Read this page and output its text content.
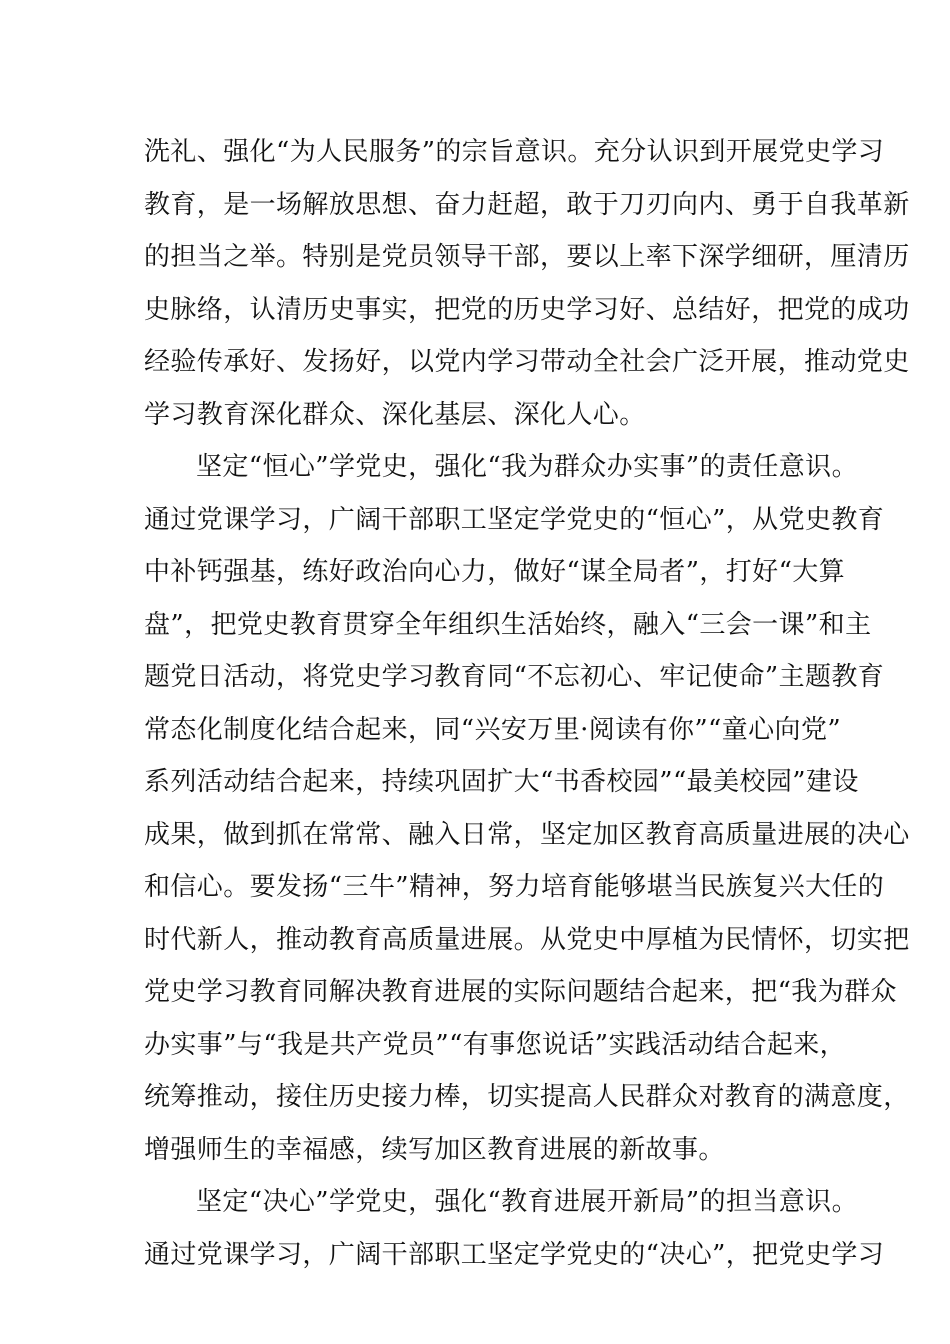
洗礼、强化“为人民服务”的宗旨意识。充分认识到开展党史学习
教育，是一场解放思想、奋力赶超，敢于刀刃向内、勇于自我革新
的担当之举。特别是党员领导干部，要以上率下深学细研，厘清历
史脉络，认清历史事实，把党的历史学习好、总结好，把党的成功
经验传承好、发扬好，以党内学习带动全社会广泛开展，推动党史
学习教育深化群众、深化基层、深化人心。
坚定“恒心”学党史，强化“我为群众办实事”的责任意识。
通过党课学习，广阔干部职工坚定学党史的“恒心”，从党史教育
中补钙强基，练好政治向心力，做好“谋全局者”，打好“大算
盘”，把党史教育贯穿全年组织生活始终，融入“三会一课”和主
题党日活动，将党史学习教育同“不忘初心、牢记使命”主题教育
常态化制度化结合起来，同“兴安万里·阅读有你”“童心向党”
系列活动结合起来，持续巩固扩大“书香校园”“最美校园”建设
成果，做到抓在常常、融入日常，坚定加区教育高质量进展的决心
和信心。要发扬“三牛”精神，努力培育能够堪当民族复兴大任的
时代新人，推动教育高质量进展。从党史中厚植为民情怀，切实把
党史学习教育同解决教育进展的实际问题结合起来，把“我为群众
办实事”与“我是共产党员”“有事您说话”实践活动结合起来，
统筹推动，接住历史接力棒，切实提高人民群众对教育的满意度，
增强师生的幸福感，续写加区教育进展的新故事。
坚定“决心”学党史，强化“教育进展开新局”的担当意识。
通过党课学习，广阔干部职工坚定学党史的“决心”，把党史学习
